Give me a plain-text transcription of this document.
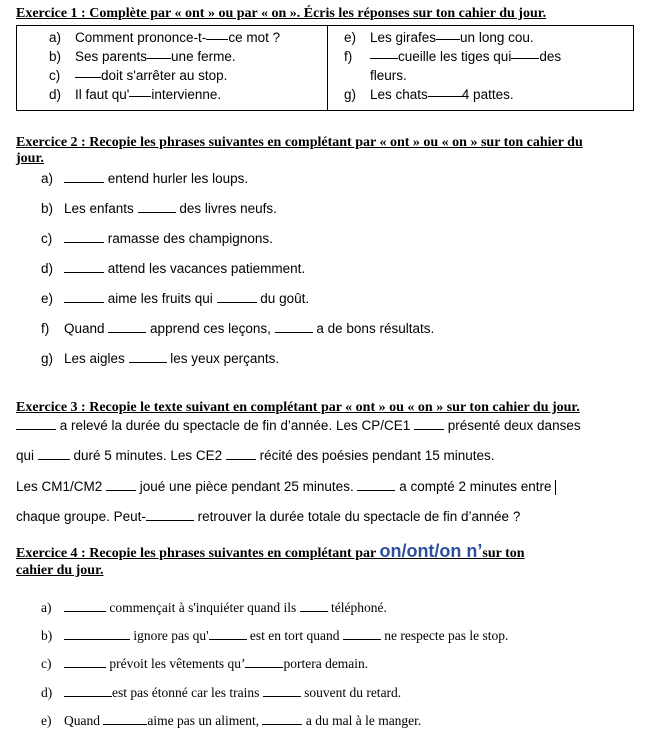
Exercice 1 : Complète par « ont » ou par « on ». Écris les réponses sur ton cahier du jour.
a)	Comment prononce-t- ce mot ?
b)	Ses parents une ferme.
c)	doit s'arrêter au stop.
d)	Il faut qu' intervienne.

e)	Les girafes un long cou.
f)	cueille les tiges qui des
fleurs.
g)	Les chats	4 pattes.
Exercice 2 : Recopie les phrases suivantes en complétant par « ont » ou « on » sur ton cahier du
jour.
a)	entend hurler les loups.
b) Les enfants	des livres neufs.
c)	ramasse des champignons.
d)	attend les vacances patiemment.
e)	aime les fruits qui	du goût.
f) Quand	apprend ces leçons,	a de bons résultats.
g) Les aigles	les yeux perçants.
Exercice 3 : Recopie le texte suivant en complétant par « ont » ou « on » sur ton cahier du jour.
a relevé la durée du spectacle de fin d’année. Les CP/CE1  présenté deux danses
qui  duré 5 minutes. Les CE2  récité des poésies pendant 15 minutes.
Les CM1/CM2  joué une pièce pendant 25 minutes.	a compté 2 minutes entre
chaque groupe. Peut-	retrouver la durée totale du spectacle de fin d’année ?
Exercice 4 : Recopie les phrases suivantes en complétant par on/ont/on n’sur ton
cahier du jour.
a)	commençait à s'inquiéter quand ils  téléphoné.
b)	ignore pas qu'	est en tort quand	ne respecte pas le stop.
c)	prévoit les vêtements qu’	portera demain.
d)	est pas étonné car les trains	souvent du retard.
e) Quand	aime pas un aliment,	a du mal à le manger.
